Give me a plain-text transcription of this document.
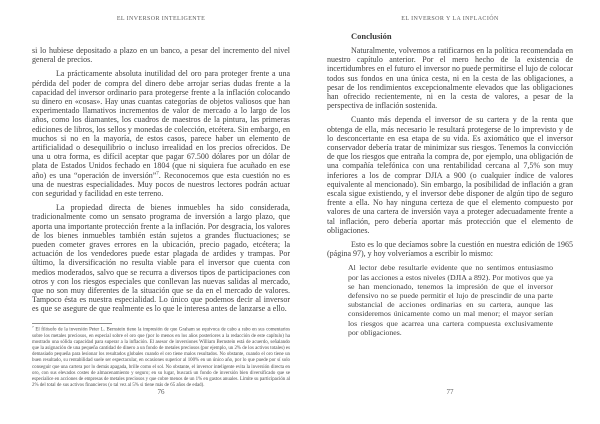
EL INVERSOR INTELIGENTE

si lo hubiese depositado a plazo en un banco, a pesar del incremento del nivel general de precios.

La prácticamente absoluta inutilidad del oro para proteger frente a una pérdida del poder de compra del dinero debe arrojar serias dudas frente a la capacidad del inversor ordinario para protegerse frente a la inflación colocando su dinero en «cosas». Hay unas cuantas categorías de objetos valiosos que han experimentado llamativos incrementos de valor de mercado a lo largo de los años, como los diamantes, los cuadros de maestros de la pintura, las primeras ediciones de libros, los sellos y monedas de colección, etcétera. Sin embargo, en muchos si no en la mayoría, de estos casos, parece haber un elemento de artificialidad o desequilibrio o incluso irrealidad en los precios ofrecidos. De una u otra forma, es difícil aceptar que pagar 67.500 dólares por un dólar de plata de Estados Unidos fechado en 1804 (que ni siquiera fue acuñado en ese año) es una “operación de inversión”$^7$. Reconocemos que esta cuestión no es una de nuestras especialidades. Muy pocos de nuestros lectores podrán actuar con seguridad y facilidad en este terreno.

La propiedad directa de bienes inmuebles ha sido considerada, tradicionalmente como un sensato programa de inversión a largo plazo, que aporta una importante protección frente a la inflación. Por desgracia, los valores de los bienes inmuebles también están sujetos a grandes fluctuaciones; se pueden cometer graves errores en la ubicación, precio pagado, etcétera; la actuación de los vendedores puede estar plagada de ardides y trampas. Por último, la diversificación no resulta viable para el inversor que cuenta con medios moderados, salvo que se recurra a diversos tipos de participaciones con otros y con los riesgos especiales que conllevan las nuevas salidas al mercado, que no son muy diferentes de la situación que se da en el mercado de valores. Tampoco ésta es nuestra especialidad. Lo único que podemos decir al inversor es que se asegure de que realmente es lo que le interesa antes de lanzarse a ello.

$^7$ El filósofo de la inversión Peter L. Bernstein tiene la impresión de que Graham se equivoca de cabo a rabo en sus comentarios sobre los metales preciosos, en especial sobre el oro que (por lo menos en los años posteriores a la redacción de este capítulo) ha mostrado una sólida capacidad para superar a la inflación. El asesor de inversiones William Bernstein está de acuerdo, señalando que la asignación de una pequeña cantidad de dinero a un fondo de metales preciosos (por ejemplo, un 2% de los activos totales) es demasiado pequeña para lesionar los resultados globales cuando el oro tiene malos resultados. No obstante, cuando el oro tiene un buen resultado, su rentabilidad suele ser espectacular, en ocasiones superior al 100% en un único año, por lo que puede por sí solo conseguir que una cartera por lo demás apagada, brille como el sol. No obstante, el inversor inteligente evita la inversión directa en oro, con sus elevados costes de almacenamiento y seguro; en su lugar, buscará un fondo de inversión bien diversificado que se especialice en acciones de empresas de metales preciosos y que cobre menos de un 1% en gastos anuales. Limite su participación al 2% del total de sus activos financieros (o tal vez al 5% si tiene más de 65 años de edad).

76
EL INVERSOR Y LA INFLACIÓN
Conclusión

Naturalmente, volvemos a ratificarnos en la política recomendada en nuestro capítulo anterior. Por el mero hecho de la existencia de incertidumbres en el futuro el inversor no puede permitirse el lujo de colocar todos sus fondos en una única cesta, ni en la cesta de las obligaciones, a pesar de los rendimientos excepcionalmente elevados que las obligaciones han ofrecido recientemente, ni en la cesta de valores, a pesar de la perspectiva de inflación sostenida.

Cuanto más dependa el inversor de su cartera y de la renta que obtenga de ella, más necesario le resultará protegerse de lo imprevisto y de lo desconcertante en esa etapa de su vida. Es axiomático que el inversor conservador debería tratar de minimizar sus riesgos. Tenemos la convicción de que los riesgos que entraña la compra de, por ejemplo, una obligación de una compañía telefónica con una rentabilidad cercana al 7,5% son muy inferiores a los de comprar DJIA a 900 (o cualquier índice de valores equivalente al mencionado). Sin embargo, la posibilidad de inflación a gran escala sigue existiendo, y el inversor debe disponer de algún tipo de seguro frente a ella. No hay ninguna certeza de que el elemento compuesto por valores de una cartera de inversión vaya a proteger adecuadamente frente a tal inflación, pero debería aportar más protección que el elemento de obligaciones.

Esto es lo que decíamos sobre la cuestión en nuestra edición de 1965 (página 97), y hoy volveríamos a escribir lo mismo:

Al lector debe resultarle evidente que no sentimos entusiasmo por las acciones a estos niveles (DJIA a 892). Por motivos que ya se han mencionado, tenemos la impresión de que el inversor defensivo no se puede permitir el lujo de prescindir de una parte substancial de acciones ordinarias en su cartera, aunque las consideremos únicamente como un mal menor; el mayor serían los riesgos que acarrea una cartera compuesta exclusivamente por obligaciones.
77
